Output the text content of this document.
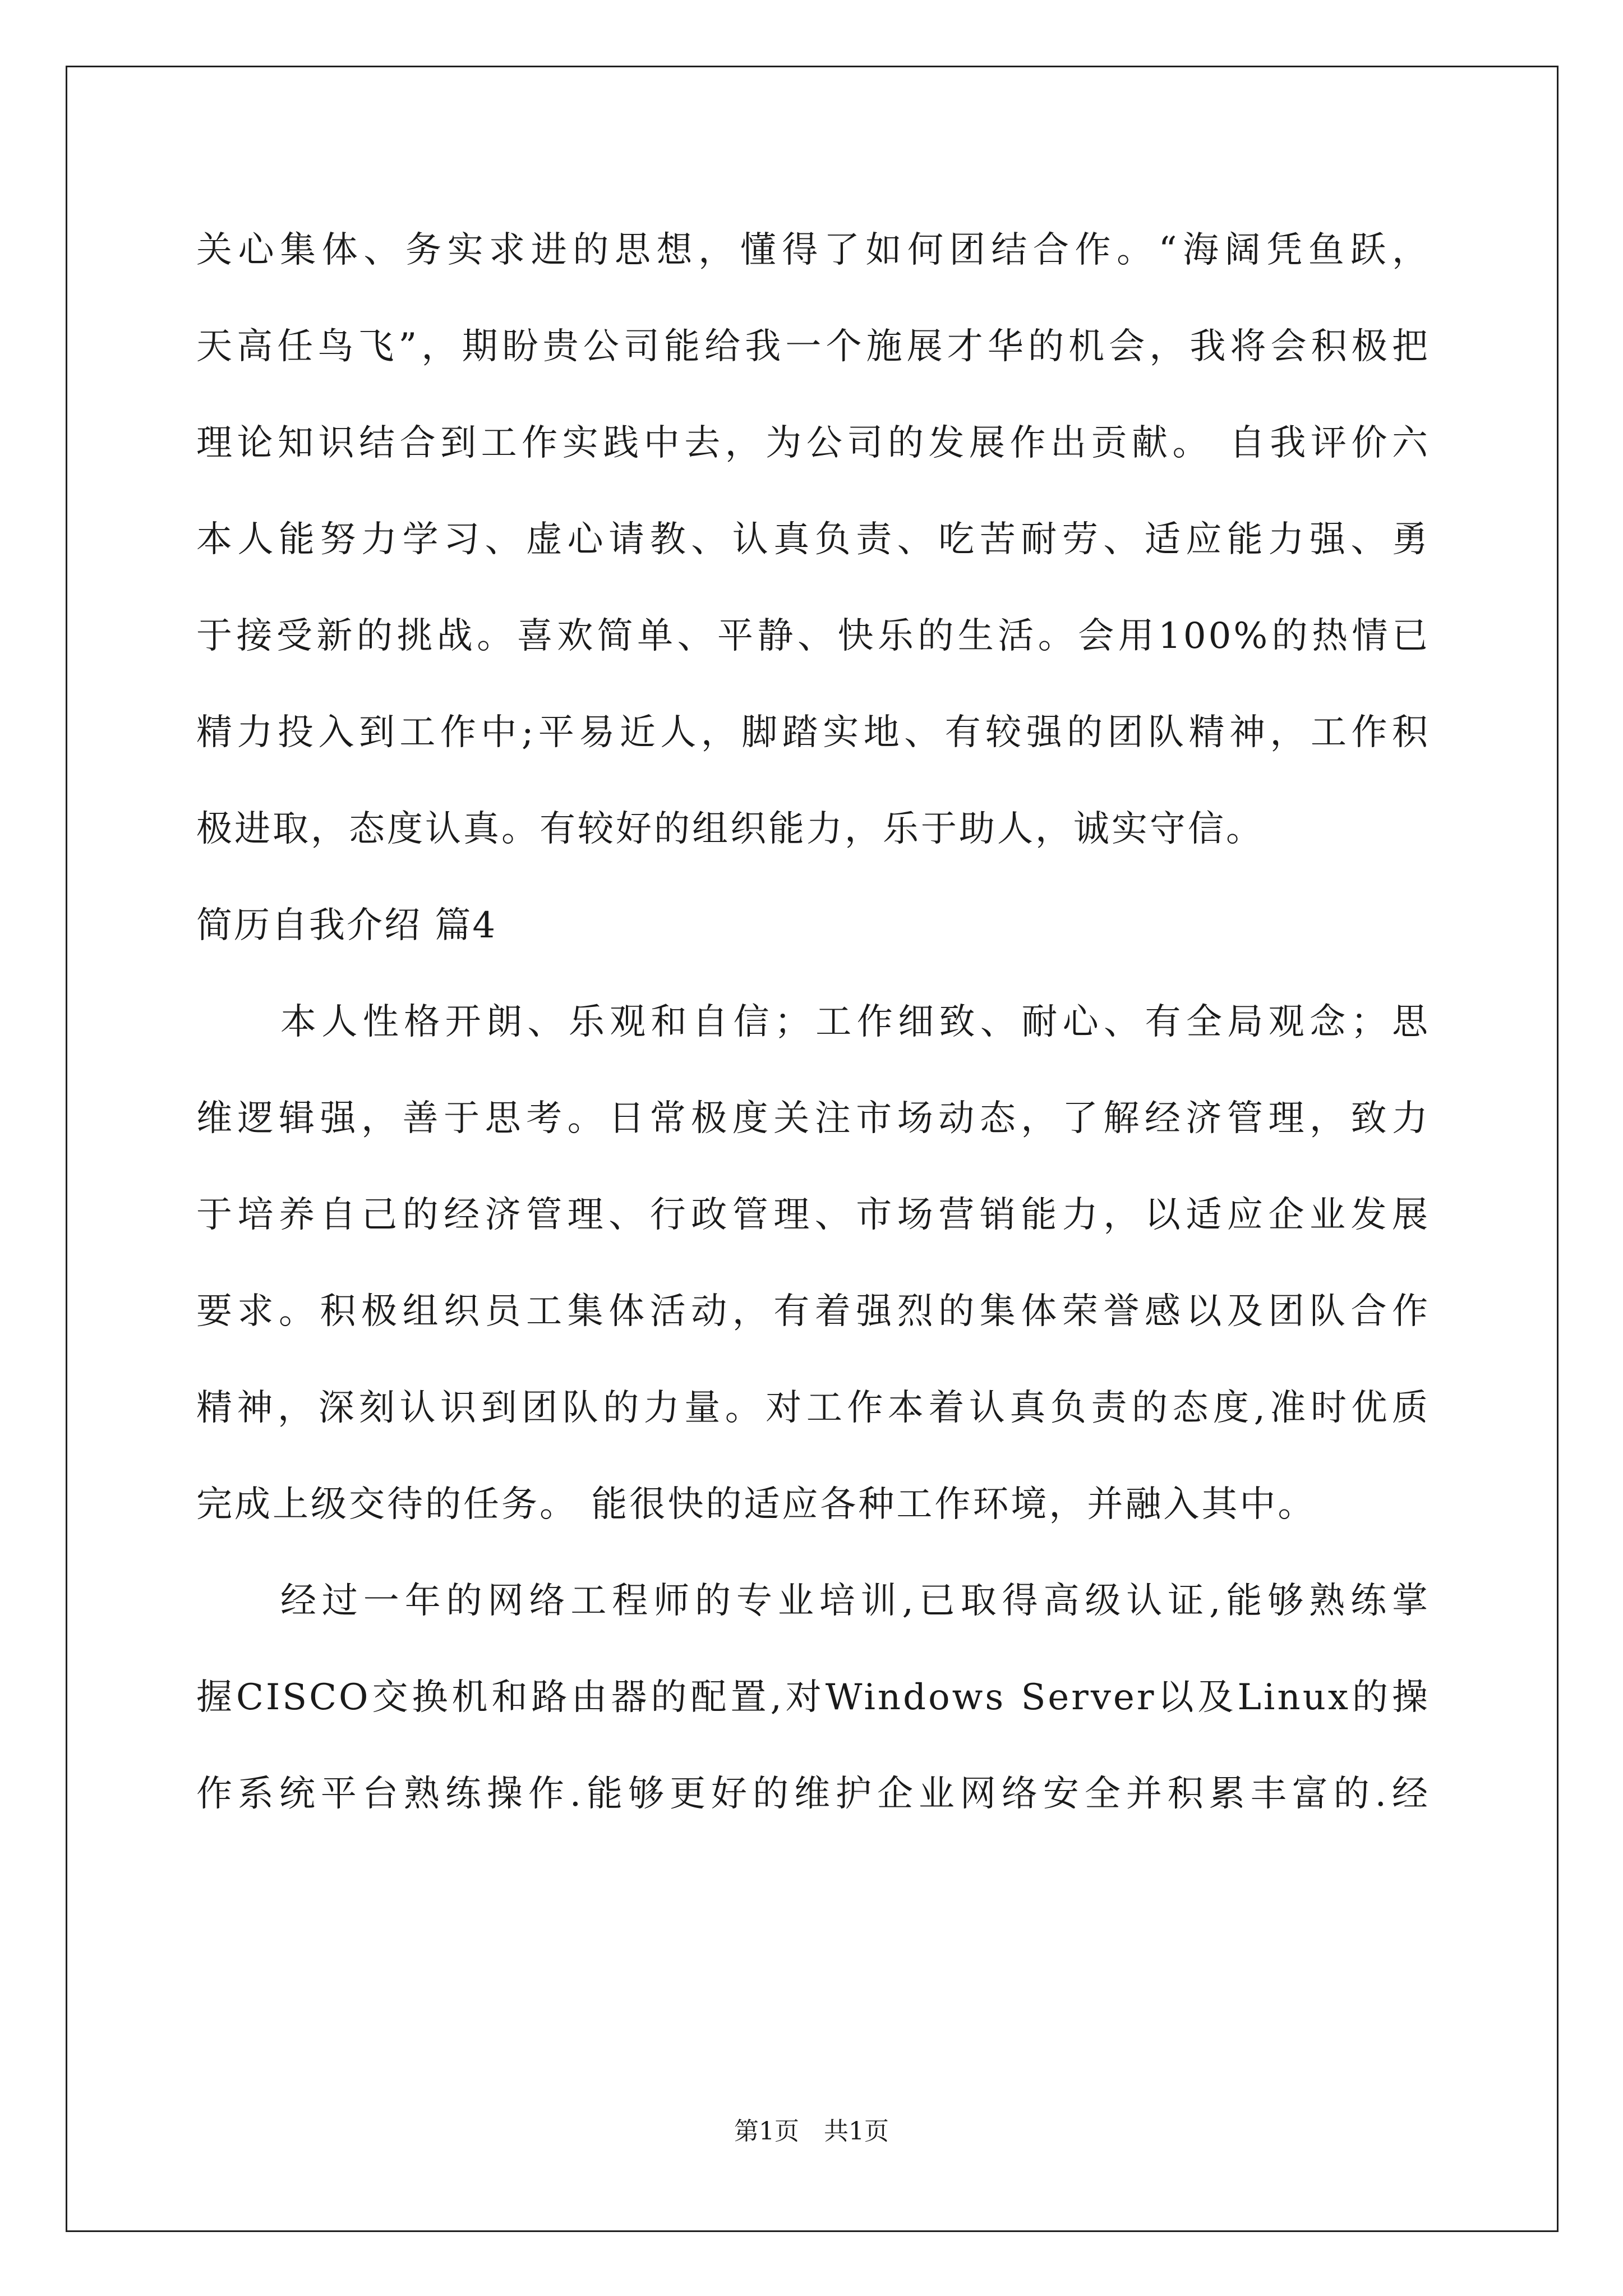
关心集体、务实求进的思想，懂得了如何团结合作。“海阔凭鱼跃，
天高任鸟飞”，期盼贵公司能给我一个施展才华的机会，我将会积极把
理论知识结合到工作实践中去，为公司的发展作出贡献。 自我评价六
本人能努力学习、虚心请教、认真负责、吃苦耐劳、适应能力强、勇
于接受新的挑战。喜欢简单、平静、快乐的生活。会用100%的热情已
精力投入到工作中;平易近人，脚踏实地、有较强的团队精神，工作积
极进取，态度认真。有较好的组织能力，乐于助人，诚实守信。
简历自我介绍 篇4
本人性格开朗、乐观和自信；工作细致、耐心、有全局观念；思
维逻辑强，善于思考。日常极度关注市场动态，了解经济管理，致力
于培养自己的经济管理、行政管理、市场营销能力，以适应企业发展
要求。积极组织员工集体活动，有着强烈的集体荣誉感以及团队合作
精神，深刻认识到团队的力量。对工作本着认真负责的态度,准时优质
完成上级交待的任务。 能很快的适应各种工作环境，并融入其中。
经过一年的网络工程师的专业培训,已取得高级认证,能够熟练掌
握CISCO交换机和路由器的配置,对Windows Server以及Linux的操
作系统平台熟练操作.能够更好的维护企业网络安全并积累丰富的.经
第1页 共1页
